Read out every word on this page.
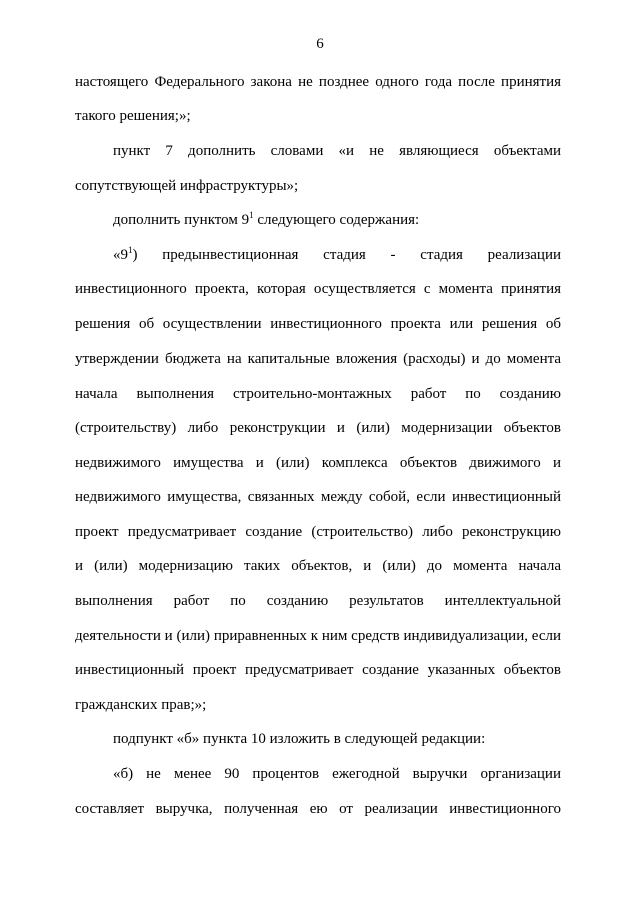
6
настоящего Федерального закона не позднее одного года после принятия
такого решения;»;
пункт 7 дополнить словами «и не являющиеся объектами
сопутствующей инфраструктуры»;
дополнить пунктом $9^1$ следующего содержания:
«$9^1$) предынвестиционная стадия - стадия реализации
инвестиционного проекта, которая осуществляется с момента принятия
решения об осуществлении инвестиционного проекта или решения об
утверждении бюджета на капитальные вложения (расходы) и до момента
начала выполнения строительно-монтажных работ по созданию
(строительству) либо реконструкции и (или) модернизации объектов
недвижимого имущества и (или) комплекса объектов движимого и
недвижимого имущества, связанных между собой, если инвестиционный
проект предусматривает создание (строительство) либо реконструкцию
и (или) модернизацию таких объектов, и (или) до момента начала
выполнения работ по созданию результатов интеллектуальной
деятельности и (или) приравненных к ним средств индивидуализации, если
инвестиционный проект предусматривает создание указанных объектов
гражданских прав;»;
подпункт «б» пункта 10 изложить в следующей редакции:
«б) не менее 90 процентов ежегодной выручки организации
составляет выручка, полученная ею от реализации инвестиционного
